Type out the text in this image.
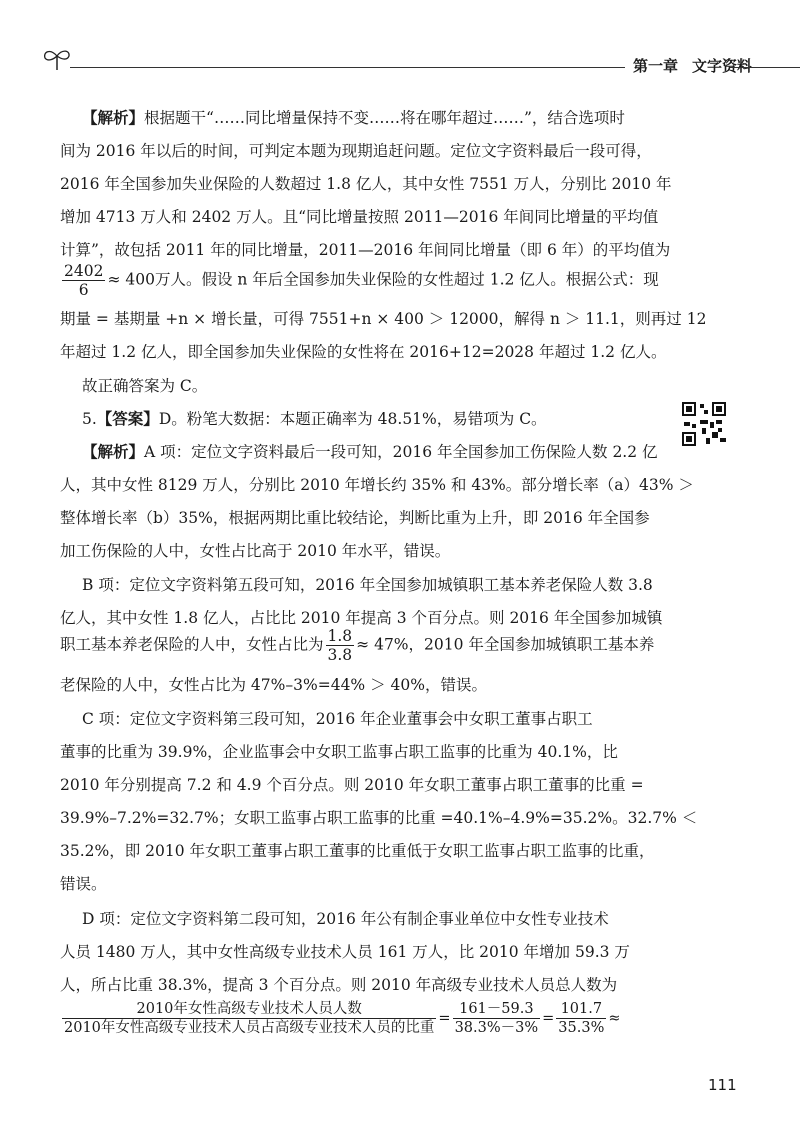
第一章 文字资料
【解析】根据题干“……同比增量保持不变……将在哪年超过……”，结合选项时
间为 2016 年以后的时间，可判定本题为现期追赶问题。定位文字资料最后一段可得，
2016 年全国参加失业保险的人数超过 1.8 亿人，其中女性 7551 万人，分别比 2010 年
增加 4713 万人和 2402 万人。且“同比增量按照 2011—2016 年间同比增量的平均值
计算”，故包括 2011 年的同比增量，2011—2016 年间同比增量（即 6 年）的平均值为
$\frac{2402}{6} \approx 400$万人。假设 n 年后全国参加失业保险的女性超过 1.2 亿人。根据公式：现
期量 = 基期量 +n × 增长量，可得 7551+n × 400 ＞ 12000，解得 n ＞ 11.1，则再过 12
年超过 1.2 亿人，即全国参加失业保险的女性将在 2016+12=2028 年超过 1.2 亿人。
故正确答案为 C。
5.【答案】D。粉笔大数据：本题正确率为 48.51%，易错项为 C。
【解析】A 项：定位文字资料最后一段可知，2016 年全国参加工伤保险人数 2.2 亿
人，其中女性 8129 万人，分别比 2010 年增长约 35% 和 43%。部分增长率（a）43% ＞
整体增长率（b）35%，根据两期比重比较结论，判断比重为上升，即 2016 年全国参
加工伤保险的人中，女性占比高于 2010 年水平，错误。
B 项：定位文字资料第五段可知，2016 年全国参加城镇职工基本养老保险人数 3.8
亿人，其中女性 1.8 亿人，占比比 2010 年提高 3 个百分点。则 2016 年全国参加城镇
职工基本养老保险的人中，女性占比为 $\frac{1.8}{3.8} \approx 47\%$，2010 年全国参加城镇职工基本养
老保险的人中，女性占比为 47%–3%=44% ＞ 40%，错误。
C 项：定位文字资料第三段可知，2016 年企业董事会中女职工董事占职工
董事的比重为 39.9%，企业监事会中女职工监事占职工监事的比重为 40.1%，比
2010 年分别提高 7.2 和 4.9 个百分点。则 2010 年女职工董事占职工董事的比重 =
39.9%–7.2%=32.7%；女职工监事占职工监事的比重 =40.1%–4.9%=35.2%。32.7% ＜
35.2%，即 2010 年女职工董事占职工董事的比重低于女职工监事占职工监事的比重，
错误。
D 项：定位文字资料第二段可知，2016 年公有制企事业单位中女性专业技术
人员 1480 万人，其中女性高级专业技术人员 161 万人，比 2010 年增加 59.3 万
人，所占比重 38.3%，提高 3 个百分点。则 2010 年高级专业技术人员总人数为
$\frac{\text{2010年女性高级专业技术人员人数}}{\text{2010年女性高级专业技术人员占高级专业技术人员的比重}} = \frac{161-59.3}{38.3\%-3\%} = \frac{101.7}{35.3\%}$ ≈
111
